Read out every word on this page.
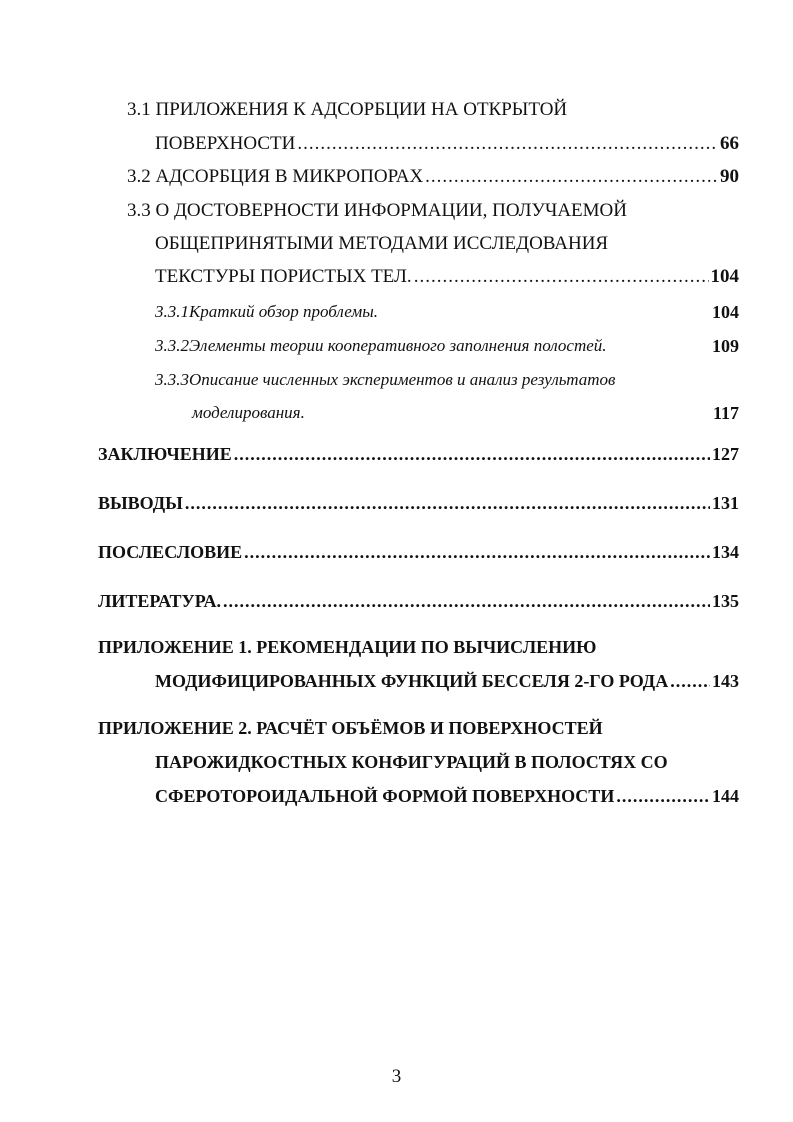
3.1 ПРИЛОЖЕНИЯ К АДСОРБЦИИ НА ОТКРЫТОЙ
ПОВЕРХНОСТИ .....	66
3.2 АДСОРБЦИЯ В МИКРОПОРАХ .....	90
3.3 О ДОСТОВЕРНОСТИ ИНФОРМАЦИИ, ПОЛУЧАЕМОЙ
ОБЩЕПРИНЯТЫМИ МЕТОДАМИ ИССЛЕДОВАНИЯ
ТЕКСТУРЫ ПОРИСТЫХ ТЕЛ. .....	104
3.3.1Краткий обзор проблемы.	104
3.3.2Элементы теории кооперативного заполнения полостей.	109
3.3.3Описание численных экспериментов и анализ результатов
моделирования.	117
ЗАКЛЮЧЕНИЕ .....	127
ВЫВОДЫ .....	131
ПОСЛЕСЛОВИЕ .....	134
ЛИТЕРАТУРА. .....	135
ПРИЛОЖЕНИЕ 1. РЕКОМЕНДАЦИИ ПО ВЫЧИСЛЕНИЮ
МОДИФИЦИРОВАННЫХ ФУНКЦИЙ БЕССЕЛЯ 2-ГО РОДА ..... 143
ПРИЛОЖЕНИЕ 2. РАСЧЁТ ОБЪЁМОВ И ПОВЕРХНОСТЕЙ
ПАРОЖИДКОСТНЫХ КОНФИГУРАЦИЙ В ПОЛОСТЯХ СО
СФЕРОТОРОИДАЛЬНОЙ ФОРМОЙ ПОВЕРХНОСТИ .....	144
3
